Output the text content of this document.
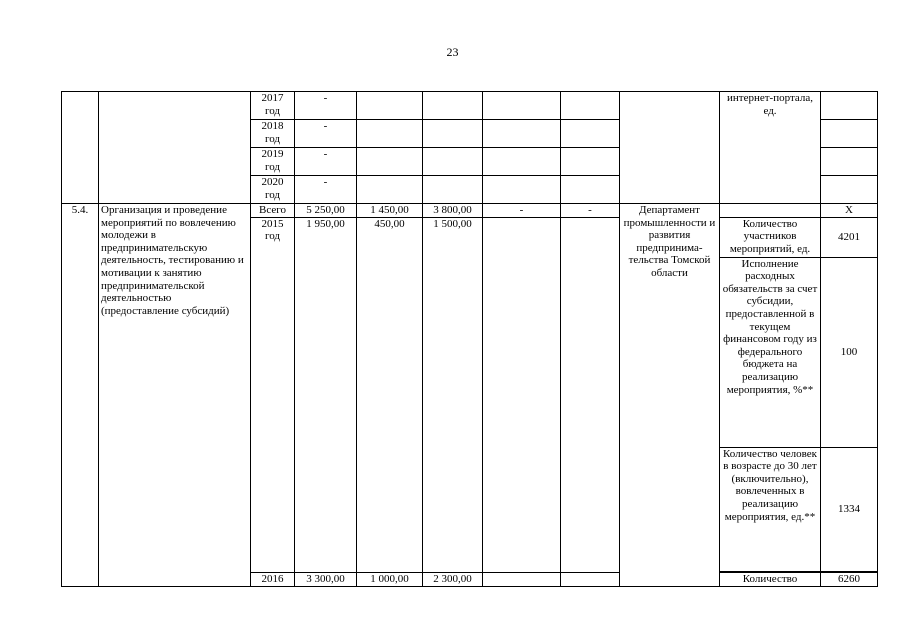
23
		2017 год	-						интернет-портала, ед.	
		2018 год	-							
		2019 год	-							
		2020 год	-							
5.4.	Организация и проведение мероприятий по вовлечению молодежи в предпринимательскую деятельность, тестированию и мотивации к занятию предпринимательской деятельностью (предоставление субсидий)	Всего	5 250,00	1 450,00	3 800,00	-	-	Департамент промышленности и развития предпринима-тельства Томской области		Х
		2015 год	1 950,00	450,00	1 500,00				Количество участников мероприятий, ед.	4201
									Исполнение расходных обязательств за счет субсидии, предоставленной в текущем финансовом году из федерального бюджета на реализацию мероприятия, %**	100
									Количество человек в возрасте до 30 лет (включительно), вовлеченных в реализацию мероприятия, ед.**	1334
		2016	3 300,00	1 000,00	2 300,00				Количество	6260
